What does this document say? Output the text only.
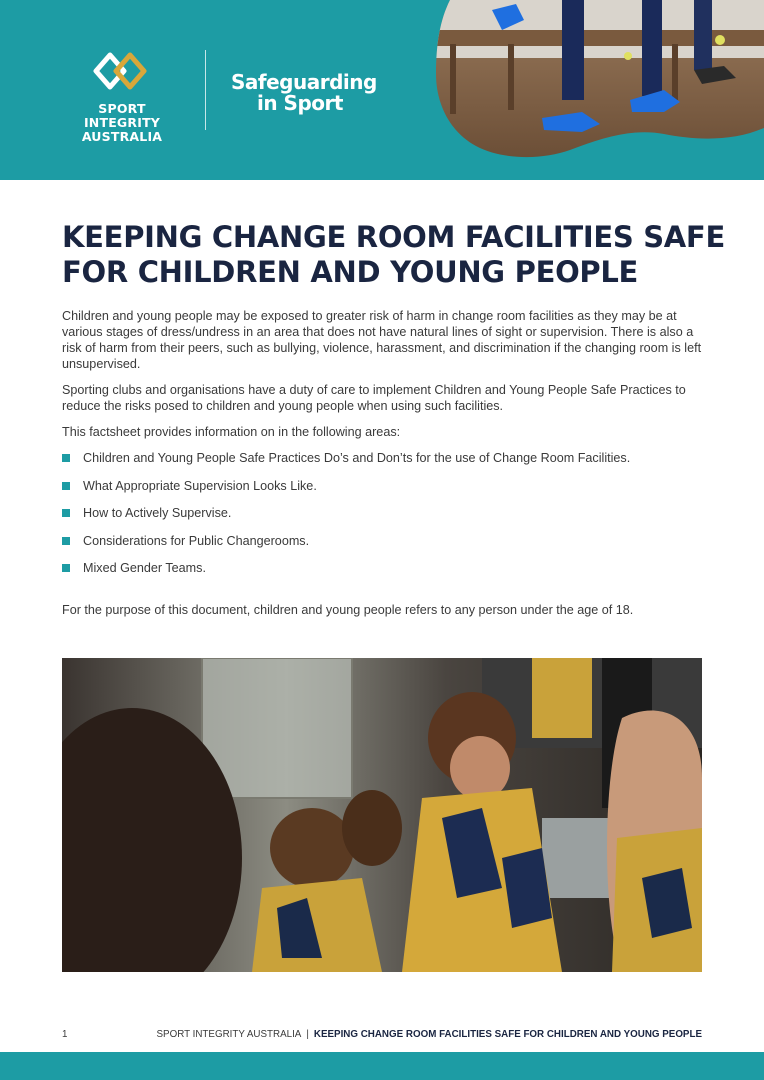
SPORT INTEGRITY
AUSTRALIA
Safeguarding
in Sport
KEEPING CHANGE ROOM FACILITIES SAFE
FOR CHILDREN AND YOUNG PEOPLE

Children and young people may be exposed to greater risk of harm in change room facilities as they may be at various stages of dress/undress in an area that does not have natural lines of sight or supervision. There is also a risk of harm from their peers, such as bullying, violence, harassment, and discrimination if the changing room is left unsupervised.

Sporting clubs and organisations have a duty of care to implement Children and Young People Safe Practices to reduce the risks posed to children and young people when using such facilities.

This factsheet provides information on in the following areas:

Children and Young People Safe Practices Do’s and Don’ts for the use of Change Room Facilities.
What Appropriate Supervision Looks Like.
How to Actively Supervise.
Considerations for Public Changerooms.
Mixed Gender Teams.

For the purpose of this document, children and young people refers to any person under the age of 18.

1	SPORT INTEGRITY AUSTRALIA | KEEPING CHANGE ROOM FACILITIES SAFE FOR CHILDREN AND YOUNG PEOPLE
